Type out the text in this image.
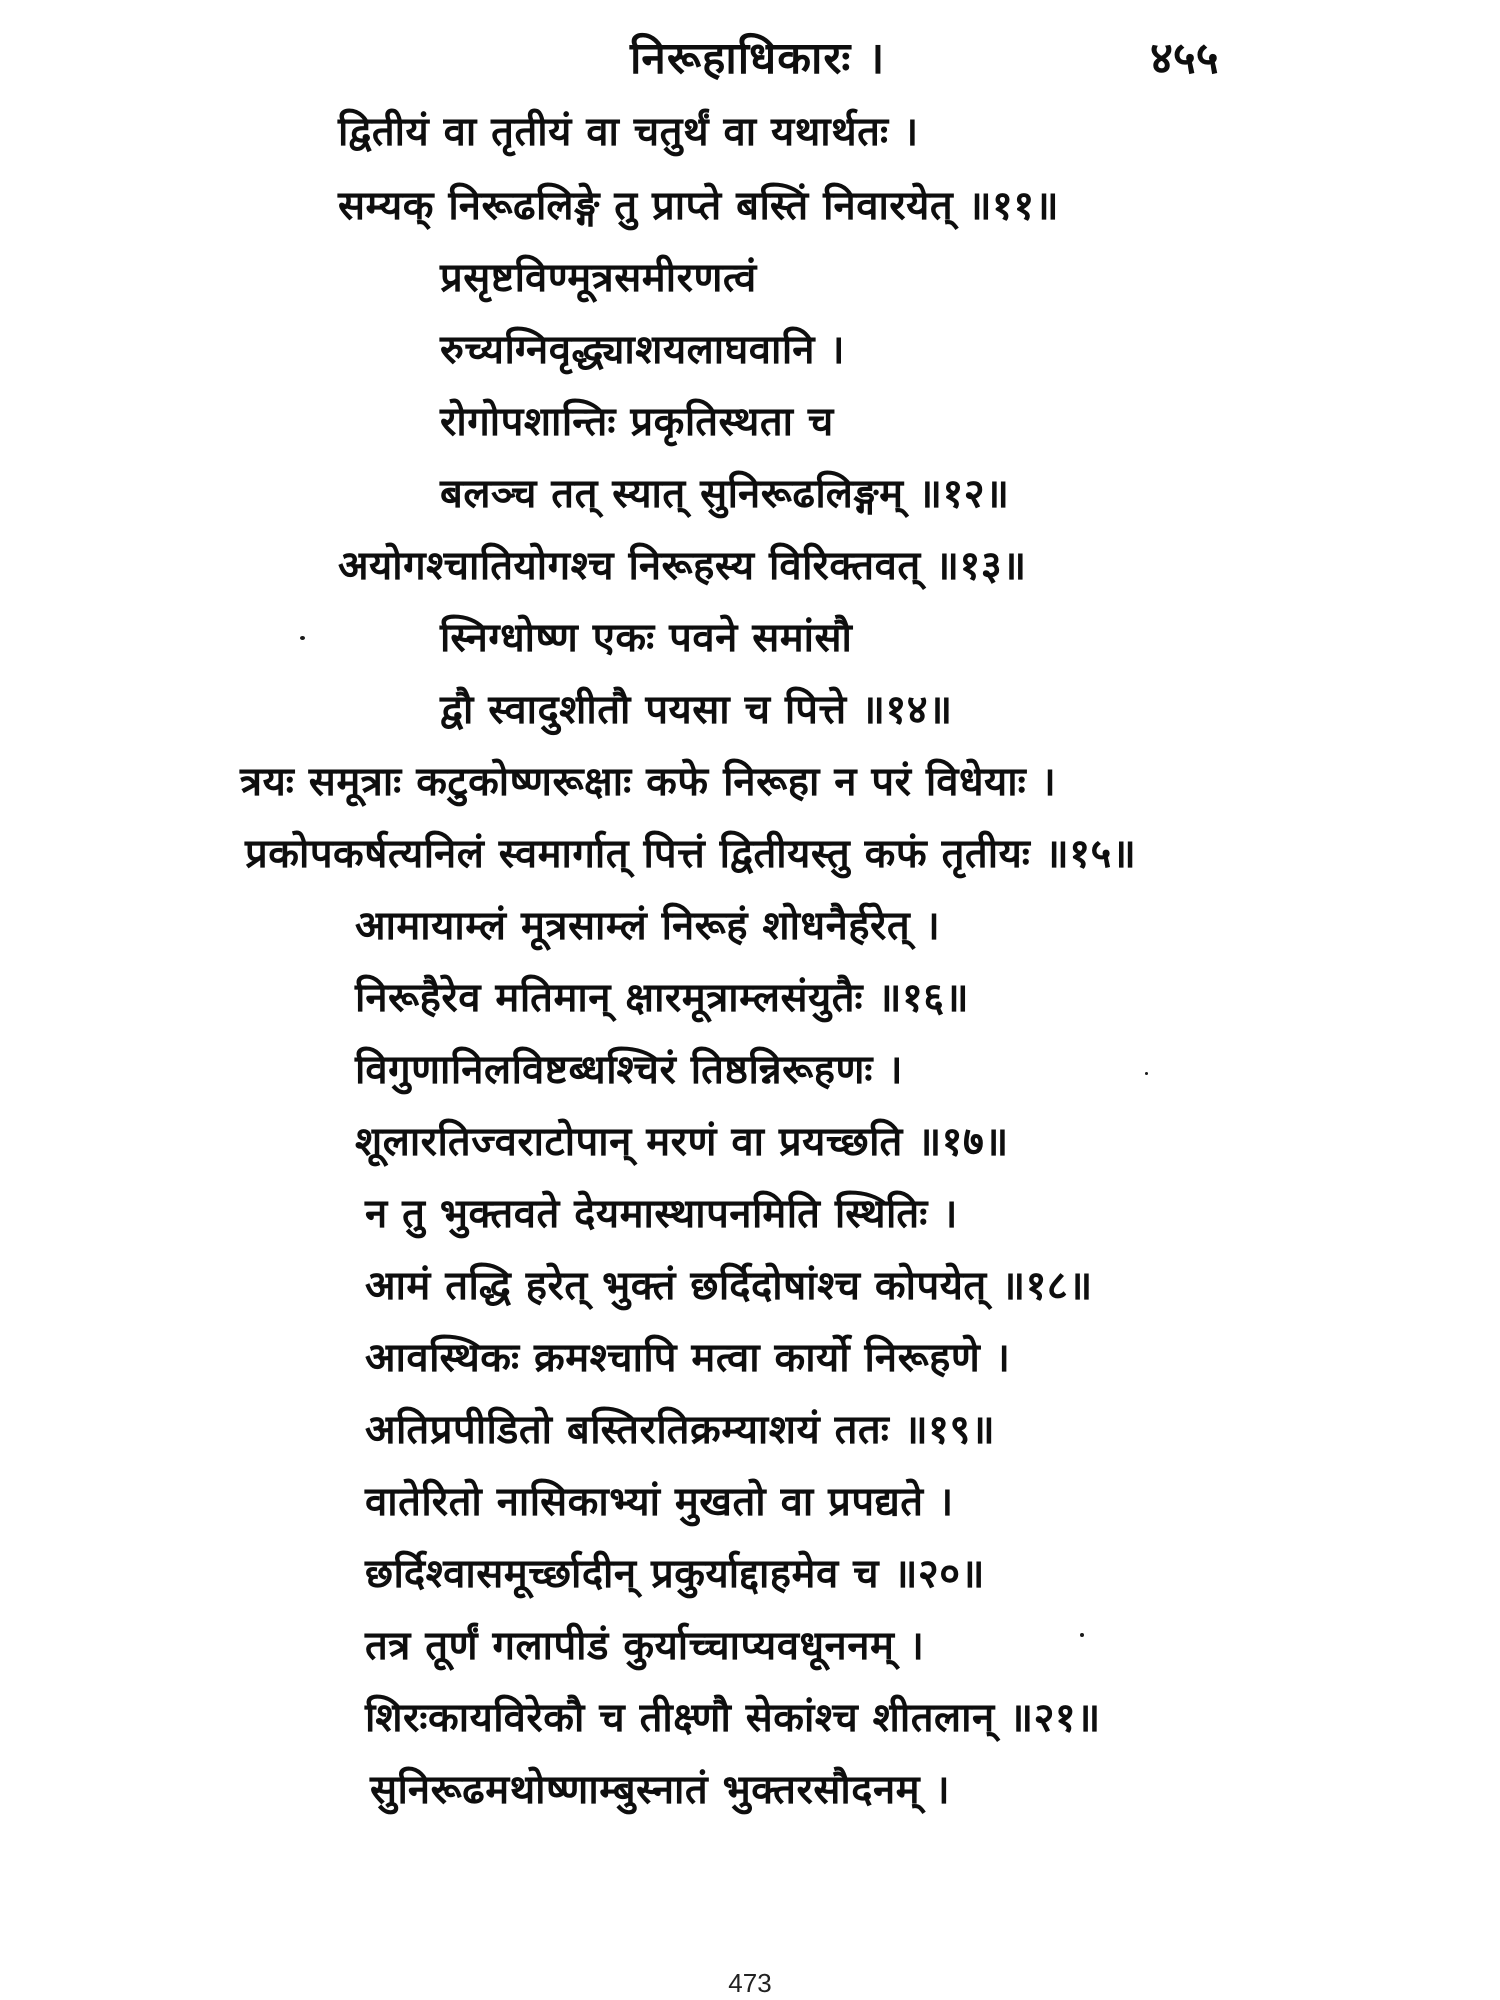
निरूहाधिकारः ।	४५५
द्वितीयं वा तृतीयं वा चतुर्थं वा यथार्थतः ।
सम्यक् निरूढलिङ्गे तु प्राप्ते बस्तिं निवारयेत् ॥११॥
प्रसृष्टविण्मूत्रसमीरणत्वं
रुच्यग्निवृद्ध्याशयलाघवानि ।
रोगोपशान्तिः प्रकृतिस्थता च
बलञ्च तत् स्यात् सुनिरूढलिङ्गम् ॥१२॥
अयोगश्चातियोगश्च निरूहस्य विरिक्तवत् ॥१३॥
स्निग्धोष्ण एकः पवने समांसौ
द्वौ स्वादुशीतौ पयसा च पित्ते ॥१४॥
त्रयः समूत्राः कटुकोष्णरूक्षाः कफे निरूहा न परं विधेयाः ।
प्रकोपकर्षत्यनिलं स्वमार्गात् पित्तं द्वितीयस्तु कफं तृतीयः ॥१५॥
आमायाम्लं मूत्रसाम्लं निरूहं शोधनैर्हरेत् ।
निरूहैरेव मतिमान् क्षारमूत्राम्लसंयुतैः ॥१६॥
विगुणानिलविष्टब्धश्चिरं तिष्ठन्निरूहणः ।
शूलारतिज्वराटोपान् मरणं वा प्रयच्छति ॥१७॥
न तु भुक्तवते देयमास्थापनमिति स्थितिः ।
आमं तद्धि हरेत् भुक्तं छर्दिदोषांश्च कोपयेत् ॥१८॥
आवस्थिकः क्रमश्चापि मत्वा कार्यो निरूहणे ।
अतिप्रपीडितो बस्तिरतिक्रम्याशयं ततः ॥१९॥
वातेरितो नासिकाभ्यां मुखतो वा प्रपद्यते ।
छर्दिश्वासमूर्च्छादीन् प्रकुर्याद्दाहमेव च ॥२०॥
तत्र तूर्णं गलापीडं कुर्याच्चाप्यवधूननम् ।
शिरःकायविरेकौ च तीक्ष्णौ सेकांश्च शीतलान् ॥२१॥
सुनिरूढमथोष्णाम्बुस्नातं भुक्तरसौदनम् ।
473
